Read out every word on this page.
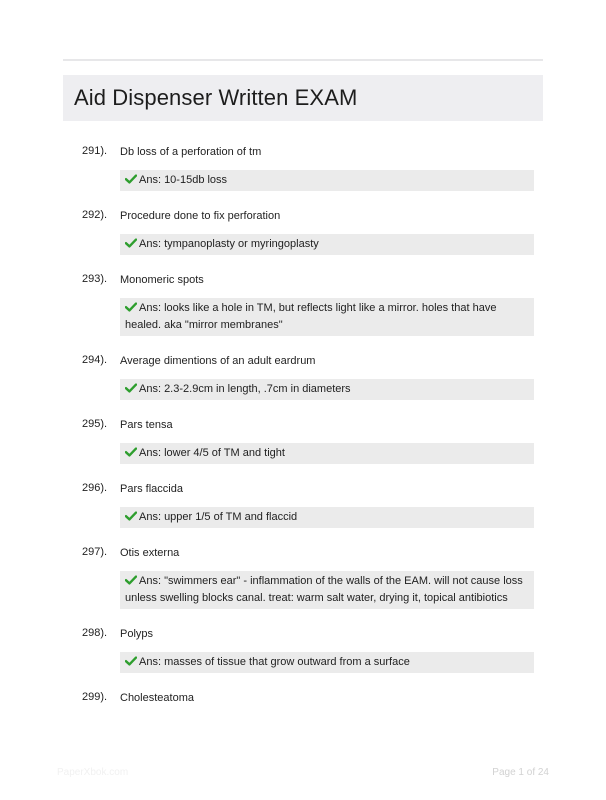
Aid Dispenser Written EXAM
291). Db loss of a perforation of tm
Ans: 10-15db loss
292). Procedure done to fix perforation
Ans: tympanoplasty or myringoplasty
293). Monomeric spots
Ans: looks like a hole in TM, but reflects light like a mirror. holes that have healed. aka "mirror membranes"
294). Average dimentions of an adult eardrum
Ans: 2.3-2.9cm in length, .7cm in diameters
295). Pars tensa
Ans: lower 4/5 of TM and tight
296). Pars flaccida
Ans: upper 1/5 of TM and flaccid
297). Otis externa
Ans: "swimmers ear" - inflammation of the walls of the EAM. will not cause loss unless swelling blocks canal. treat: warm salt water, drying it, topical antibiotics
298). Polyps
Ans: masses of tissue that grow outward from a surface
299). Cholesteatoma
PaperXbok.com	Page 1 of 24
